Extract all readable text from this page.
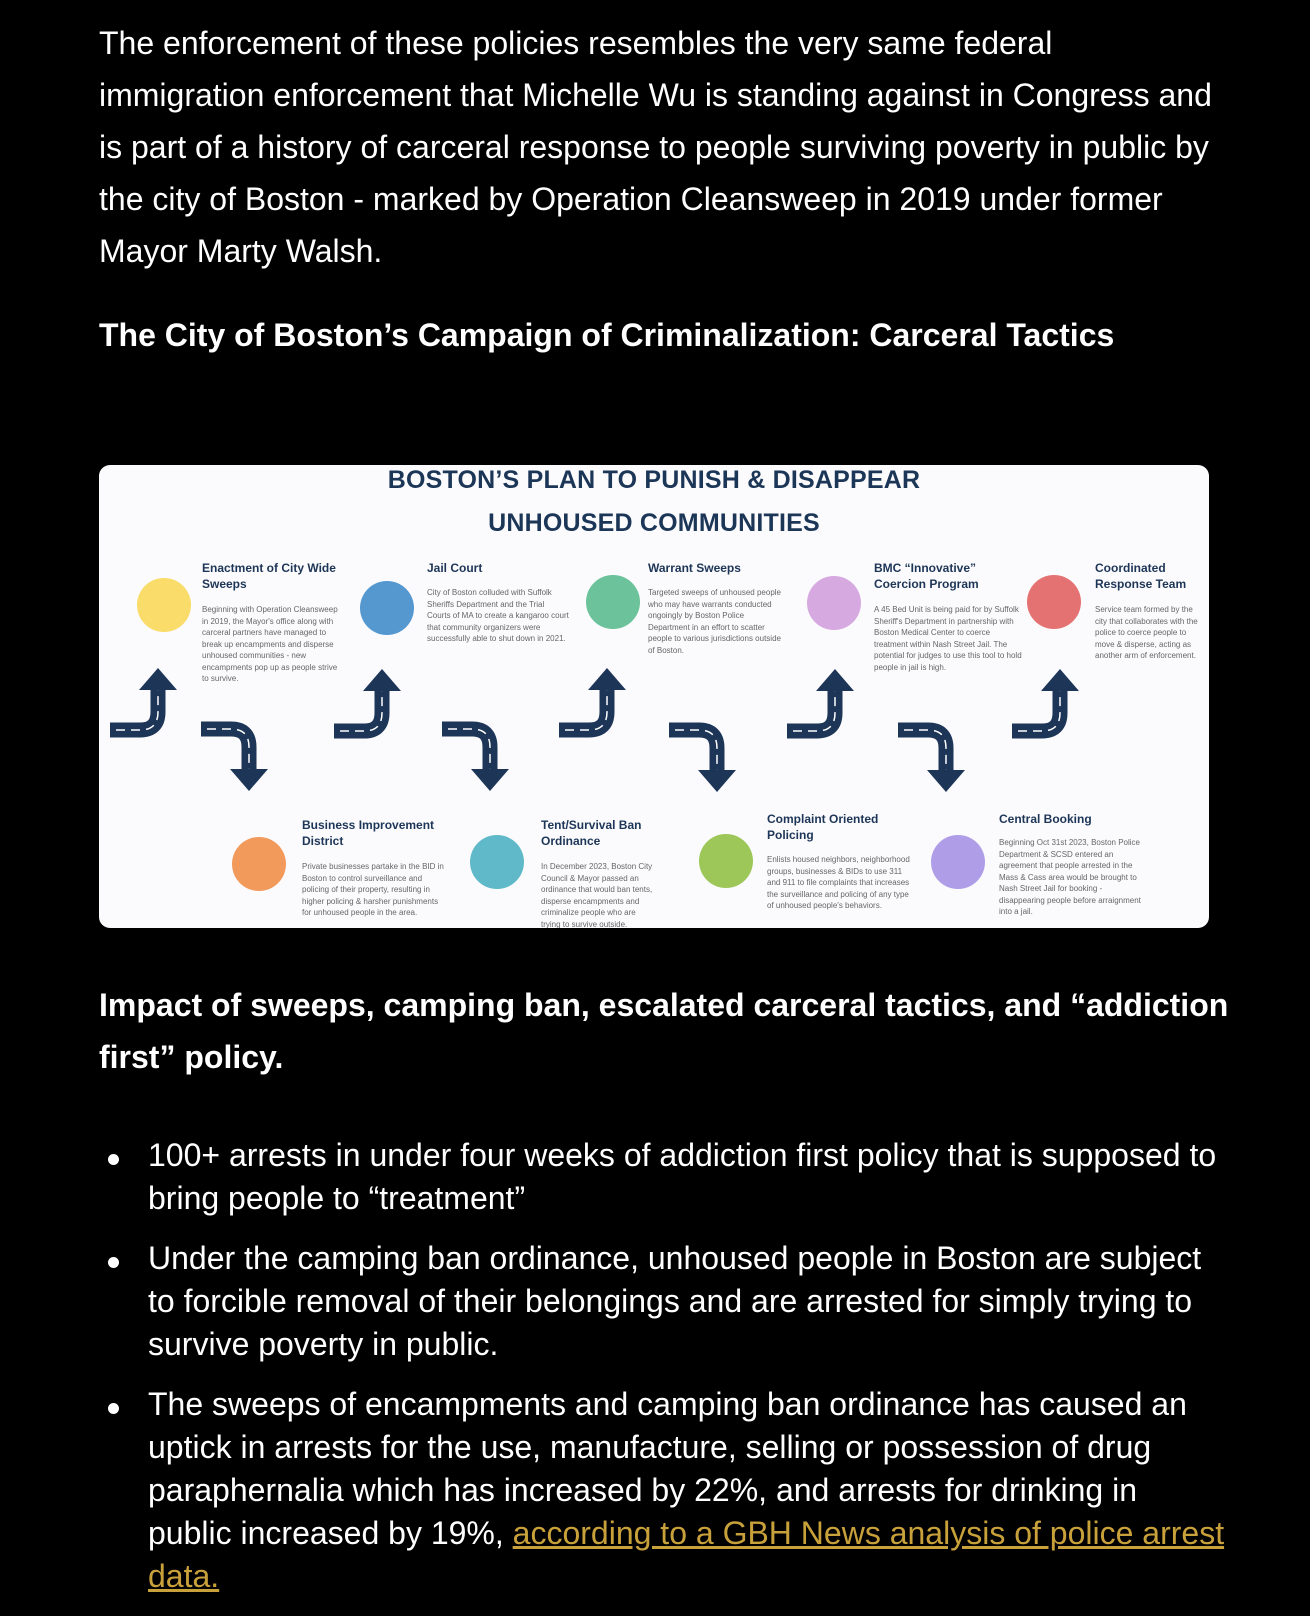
The enforcement of these policies resembles the very same federal immigration enforcement that Michelle Wu is standing against in Congress and is part of a history of carceral response to people surviving poverty in public by the city of Boston - marked by Operation Cleansweep in 2019 under former Mayor Marty Walsh.

The City of Boston’s Campaign of Criminalization: Carceral Tactics
BOSTON’S PLAN TO PUNISH & DISAPPEAR
UNHOUSED COMMUNITIES
Enactment of City Wide Sweeps
Beginning with Operation Cleansweep in 2019, the Mayor's office along with carceral partners have managed to break up encampments and disperse unhoused communities - new encampments pop up as people strive to survive.
Business Improvement District
Private businesses partake in the BID in Boston to control surveillance and policing of their property, resulting in higher policing & harsher punishments for unhoused people in the area.
Jail Court
City of Boston colluded with Suffolk Sheriffs Department and the Trial Courts of MA to create a kangaroo court that community organizers were successfully able to shut down in 2021.
Tent/Survival Ban Ordinance
In December 2023, Boston City Council & Mayor passed an ordinance that would ban tents, disperse encampments and criminalize people who are trying to survive outside.
Warrant Sweeps
Targeted sweeps of unhoused people who may have warrants conducted ongoingly by Boston Police Department in an effort to scatter people to various jurisdictions outside of Boston.
Complaint Oriented Policing
Enlists housed neighbors, neighborhood groups, businesses & BIDs to use 311 and 911 to file complaints that increases the surveillance and policing of any type of unhoused people's behaviors.
BMC “Innovative” Coercion Program
A 45 Bed Unit is being paid for by Suffolk Sheriff's Department in partnership with Boston Medical Center to coerce treatment within Nash Street Jail. The potential for judges to use this tool to hold people in jail is high.
Central Booking
Beginning Oct 31st 2023, Boston Police Department & SCSD entered an agreement that people arrested in the Mass & Cass area would be brought to Nash Street Jail for booking - disappearing people before arraignment into a jail.
Coordinated Response Team
Service team formed by the city that collaborates with the police to coerce people to move & disperse, acting as another arm of enforcement.
Impact of sweeps, camping ban, escalated carceral tactics, and “addiction first” policy.
100+ arrests in under four weeks of addiction first policy that is supposed to bring people to “treatment”
Under the camping ban ordinance, unhoused people in Boston are subject to forcible removal of their belongings and are arrested for simply trying to survive poverty in public.
The sweeps of encampments and camping ban ordinance has caused an uptick in arrests for the use, manufacture, selling or possession of drug paraphernalia which has increased by 22%, and arrests for drinking in public increased by 19%, according to a GBH News analysis of police arrest data.
